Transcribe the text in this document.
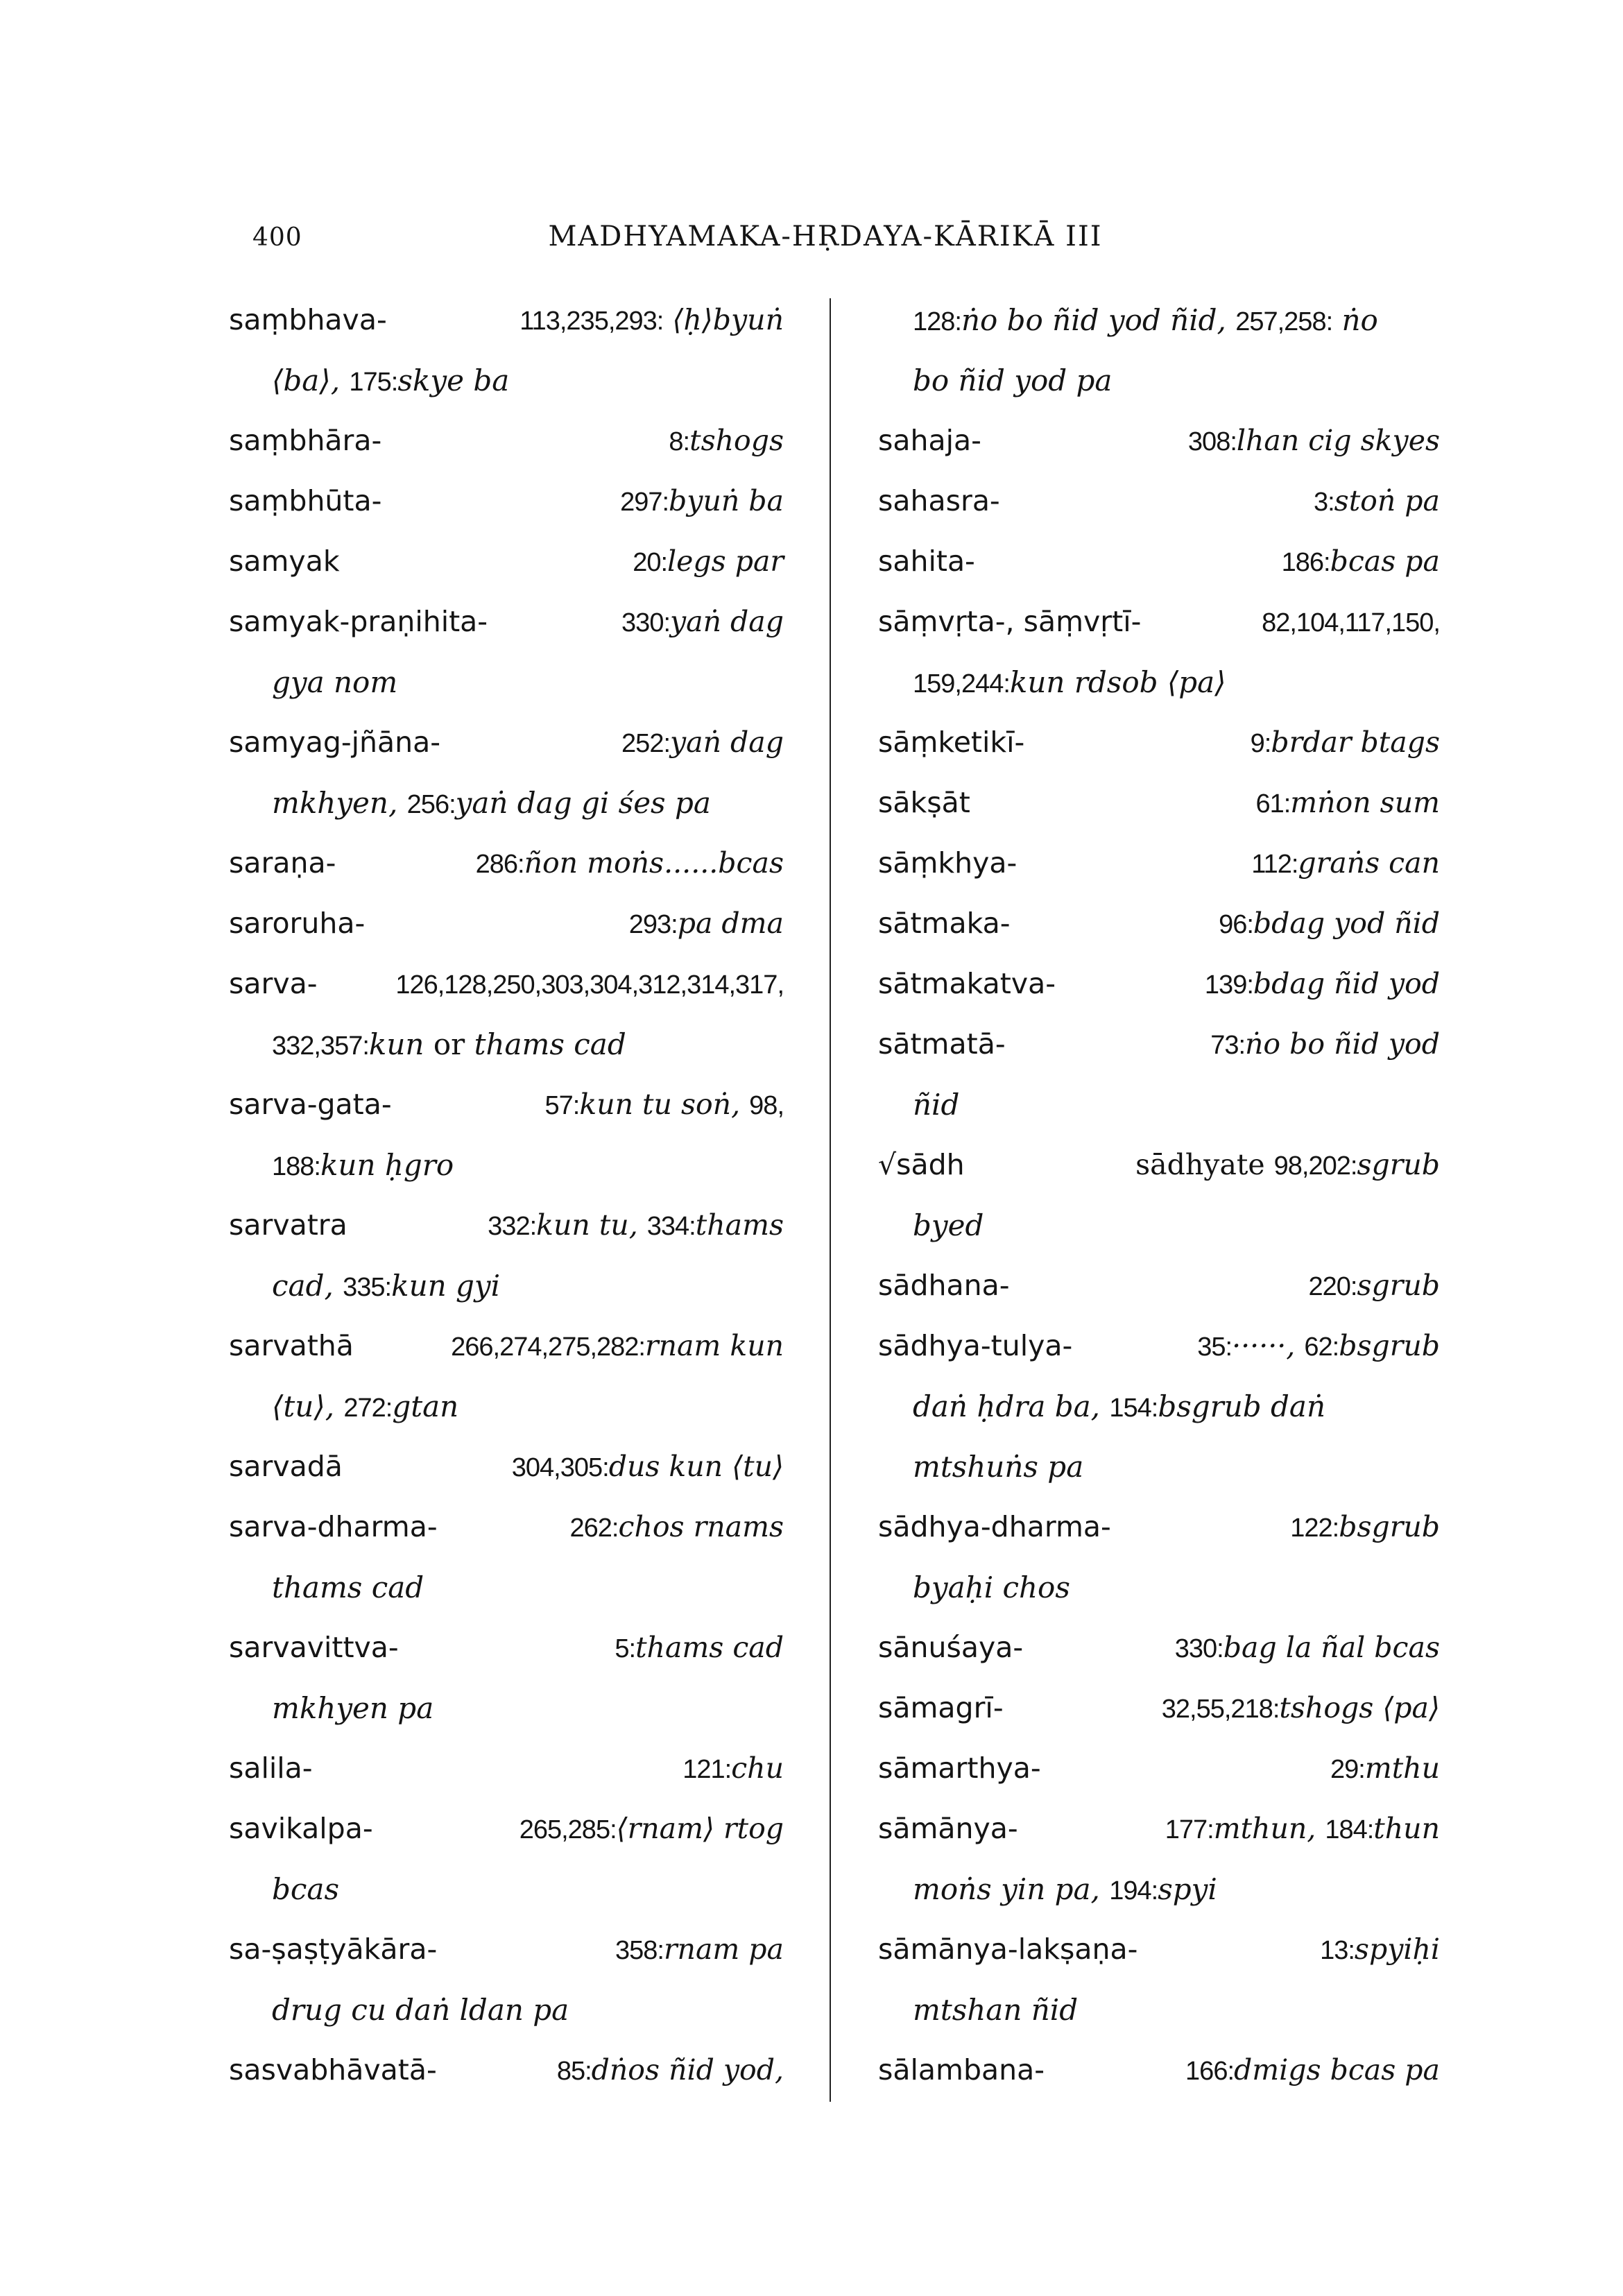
400	MADHYAMAKA-HṚDAYA-KĀRIKĀ III
saṃbhava-	113,235,293: ⟨ḥ⟩byuṅ
⟨ba⟩, 175:skye ba
saṃbhāra-	8:tshogs
saṃbhūta-	297:byuṅ ba
samyak	20:legs par
samyak-praṇihita-	330:yaṅ dag
gya nom
samyag-jñāna-	252:yaṅ dag
mkhyen, 256:yaṅ dag gi śes pa
saraṇa-	286:ñon moṅs......bcas
saroruha-	293:pa dma
sarva-	126,128,250,303,304,312,314,317,
332,357:kun or thams cad
sarva-gata-	57:kun tu soṅ, 98,
188:kun ḥgro
sarvatra	332:kun tu, 334:thams
cad, 335:kun gyi
sarvathā	266,274,275,282:rnam kun
⟨tu⟩, 272:gtan
sarvadā	304,305:dus kun ⟨tu⟩
sarva-dharma-	262:chos rnams
thams cad
sarvavittva-	5:thams cad
mkhyen pa
salila-	121:chu
savikalpa-	265,285:⟨rnam⟩ rtog
bcas
sa-ṣaṣṭyākāra-	358:rnam pa
drug cu daṅ ldan pa
sasvabhāvatā-	85:dṅos ñid yod,
128:ṅo bo ñid yod ñid, 257,258: ṅo
bo ñid yod pa
sahaja-	308:lhan cig skyes
sahasra-	3:stoṅ pa
sahita-	186:bcas pa
sāṃvṛta-, sāṃvṛtī-	82,104,117,150,
159,244:kun rdsob ⟨pa⟩
sāṃketikī-	9:brdar btags
sākṣāt	61:mṅon sum
sāṃkhya-	112:graṅs can
sātmaka-	96:bdag yod ñid
sātmakatva-	139:bdag ñid yod
sātmatā-	73:ṅo bo ñid yod
ñid
√sādh	sādhyate 98,202:sgrub
byed
sādhana-	220:sgrub
sādhya-tulya-	35:······, 62:bsgrub
daṅ ḥdra ba, 154:bsgrub daṅ
mtshuṅs pa
sādhya-dharma-	122:bsgrub
byaḥi chos
sānuśaya-	330:bag la ñal bcas
sāmagrī-	32,55,218:tshogs ⟨pa⟩
sāmarthya-	29:mthu
sāmānya-	177:mthun, 184:thun
moṅs yin pa, 194:spyi
sāmānya-lakṣaṇa-	13:spyiḥi
mtshan ñid
sālambana-	166:dmigs bcas pa
